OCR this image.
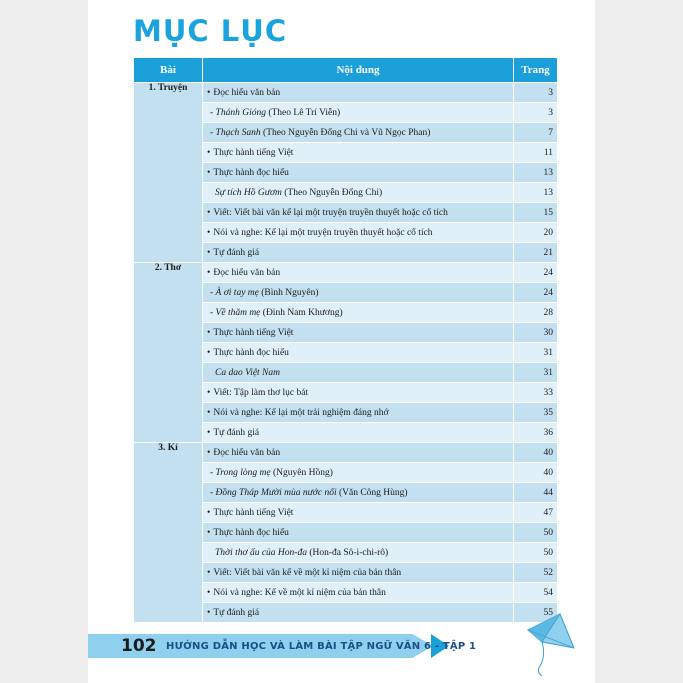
MỤC LỤC
Bài	Nội dung	Trang
1. Truyện	• Đọc hiểu văn bản	3
	- Thánh Gióng (Theo Lê Trí Viễn)	3
	- Thạch Sanh (Theo Nguyễn Đổng Chi và Vũ Ngọc Phan)	7
	• Thực hành tiếng Việt	11
	• Thực hành đọc hiểu	13
	Sự tích Hồ Gươm (Theo Nguyễn Đổng Chi)	13
	• Viết: Viết bài văn kể lại một truyện truyền thuyết hoặc cổ tích	15
	• Nói và nghe: Kể lại một truyện truyền thuyết hoặc cổ tích	20
	• Tự đánh giá	21
2. Thơ	• Đọc hiểu văn bản	24
	- À ơi tay mẹ (Bình Nguyên)	24
	- Về thăm mẹ (Đinh Nam Khương)	28
	• Thực hành tiếng Việt	30
	• Thực hành đọc hiểu	31
	Ca dao Việt Nam	31
	• Viết: Tập làm thơ lục bát	33
	• Nói và nghe: Kể lại một trải nghiệm đáng nhớ	35
	• Tự đánh giá	36
3. Kí	• Đọc hiểu văn bản	40
	- Trong lòng mẹ (Nguyên Hồng)	40
	- Đồng Tháp Mười mùa nước nổi (Văn Công Hùng)	44
	• Thực hành tiếng Việt	47
	• Thực hành đọc hiểu	50
	Thời thơ ấu của Hon-đa (Hon-đa Sô-i-chi-rô)	50
	• Viết: Viết bài văn kể về một kỉ niệm của bản thân	52
	• Nói và nghe: Kể về một kỉ niệm của bản thân	54
	• Tự đánh giá	55
102 HƯỚNG DẪN HỌC VÀ LÀM BÀI TẬP NGỮ VĂN 6 - TẬP 1
